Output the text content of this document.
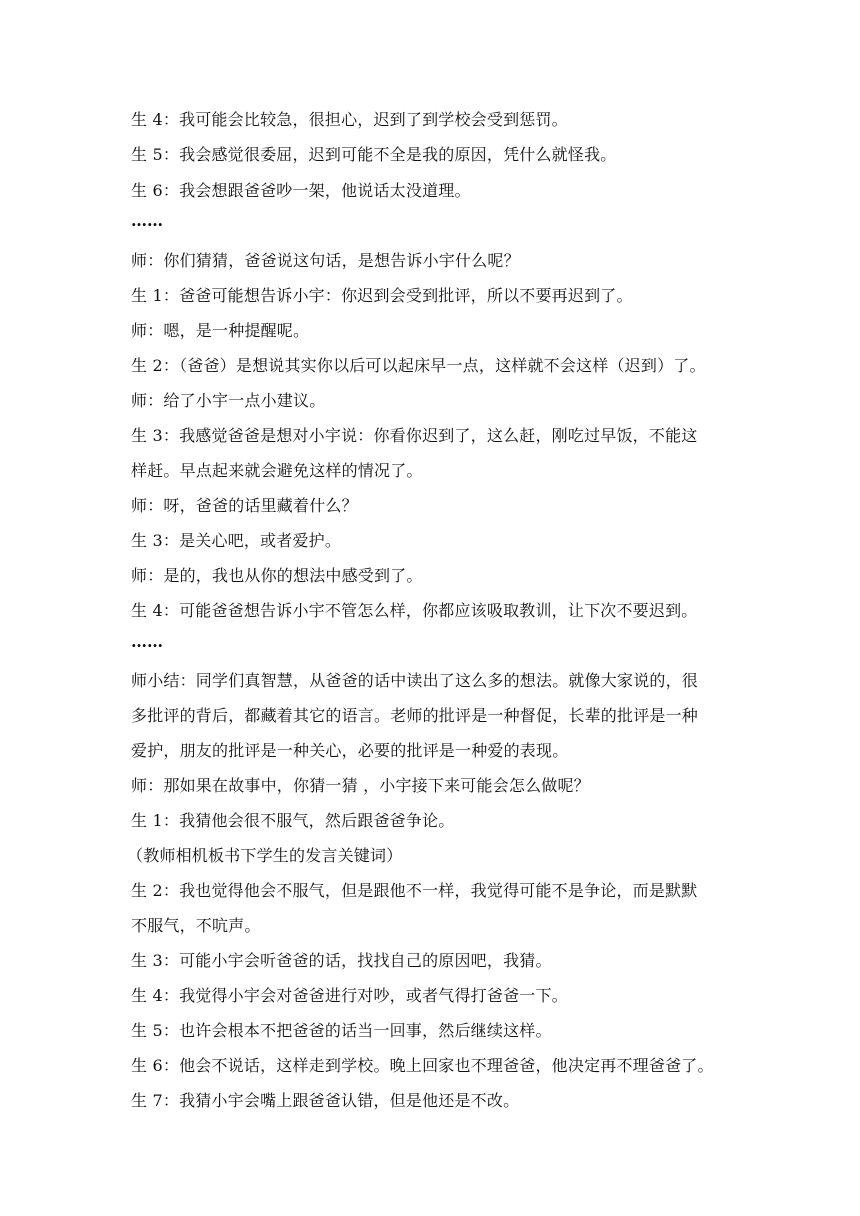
生 4：我可能会比较急，很担心，迟到了到学校会受到惩罚。
生 5：我会感觉很委屈，迟到可能不全是我的原因，凭什么就怪我。
生 6：我会想跟爸爸吵一架，他说话太没道理。
……
师：你们猜猜，爸爸说这句话，是想告诉小宇什么呢？
生 1：爸爸可能想告诉小宇：你迟到会受到批评，所以不要再迟到了。
师：嗯，是一种提醒呢。
生 2：（爸爸）是想说其实你以后可以起床早一点，这样就不会这样（迟到）了。
师：给了小宇一点小建议。
生 3：我感觉爸爸是想对小宇说：你看你迟到了，这么赶，刚吃过早饭，不能这
样赶。早点起来就会避免这样的情况了。
师：呀，爸爸的话里藏着什么？
生 3：是关心吧，或者爱护。
师：是的，我也从你的想法中感受到了。
生 4：可能爸爸想告诉小宇不管怎么样，你都应该吸取教训，让下次不要迟到。
……
师小结：同学们真智慧，从爸爸的话中读出了这么多的想法。就像大家说的，很
多批评的背后，都藏着其它的语言。老师的批评是一种督促，长辈的批评是一种
爱护，朋友的批评是一种关心，必要的批评是一种爱的表现。
师：那如果在故事中，你猜一猜 ，小宇接下来可能会怎么做呢？
生 1：我猜他会很不服气，然后跟爸爸争论。
（教师相机板书下学生的发言关键词）
生 2：我也觉得他会不服气，但是跟他不一样，我觉得可能不是争论，而是默默
不服气，不吭声。
生 3：可能小宇会听爸爸的话，找找自己的原因吧，我猜。
生 4：我觉得小宇会对爸爸进行对吵，或者气得打爸爸一下。
生 5：也许会根本不把爸爸的话当一回事，然后继续这样。
生 6：他会不说话，这样走到学校。晚上回家也不理爸爸，他决定再不理爸爸了。
生 7：我猜小宇会嘴上跟爸爸认错，但是他还是不改。
